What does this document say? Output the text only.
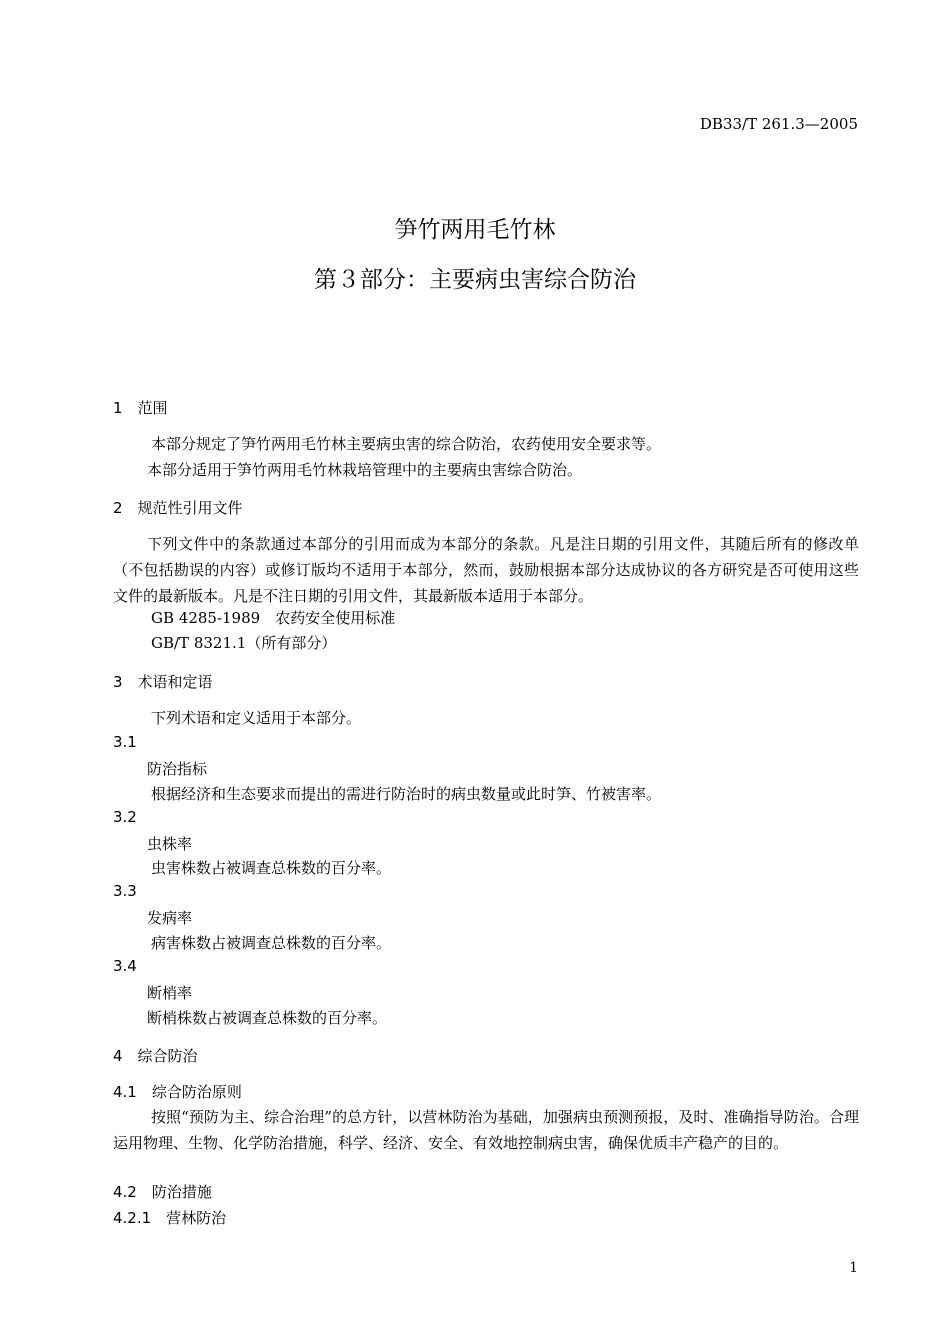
DB33/T 261.3—2005
笋竹两用毛竹林
第３部分：主要病虫害综合防治
1　范围
本部分规定了笋竹两用毛竹林主要病虫害的综合防治，农药使用安全要求等。
本部分适用于笋竹两用毛竹林栽培管理中的主要病虫害综合防治。
2　规范性引用文件
下列文件中的条款通过本部分的引用而成为本部分的条款。凡是注日期的引用文件，其随后所有的修改单（不包括勘误的内容）或修订版均不适用于本部分，然而，鼓励根据本部分达成协议的各方研究是否可使用这些文件的最新版本。凡是不注日期的引用文件，其最新版本适用于本部分。
GB 4285-1989　农药安全使用标准
GB/T 8321.1（所有部分）
3　术语和定语
下列术语和定义适用于本部分。
3.1
防治指标
根据经济和生态要求而提出的需进行防治时的病虫数量或此时笋、竹被害率。
3.2
虫株率
虫害株数占被调查总株数的百分率。
3.3
发病率
病害株数占被调查总株数的百分率。
3.4
断梢率
断梢株数占被调查总株数的百分率。
4　综合防治
4.1　综合防治原则
按照“预防为主、综合治理”的总方针，以营林防治为基础，加强病虫预测预报，及时、准确指导防治。合理运用物理、生物、化学防治措施，科学、经济、安全、有效地控制病虫害，确保优质丰产稳产的目的。
4.2　防治措施
4.2.1　营林防治
1
